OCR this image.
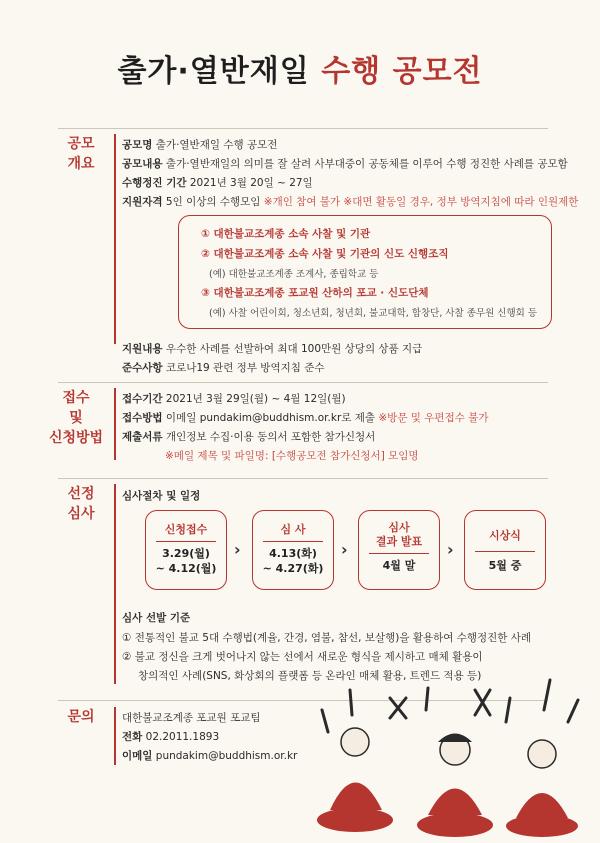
출가·열반재일 수행 공모전
공모
개요
공모명 출가·열반재일 수행 공모전
공모내용 출가·열반재일의 의미를 잘 살려 사부대중이 공동체를 이루어 수행 정진한 사례를 공모함
수행정진 기간 2021년 3월 20일 ~ 27일
지원자격 5인 이상의 수행모임 ※개인 참여 불가 ※대면 활동일 경우, 정부 방역지침에 따라 인원제한
① 대한불교조계종 소속 사찰 및 기관
② 대한불교조계종 소속 사찰 및 기관의 신도 신행조직
(예) 대한불교조계종 조계사, 종립학교 등
③ 대한불교조계종 포교원 산하의 포교 · 신도단체
(예) 사찰 어린이회, 청소년회, 청년회, 불교대학, 합창단, 사찰 종무원 신행회 등
지원내용 우수한 사례를 선발하여 최대 100만원 상당의 상품 지급
준수사항 코로나19 관련 정부 방역지침 준수
접수
및
신청방법
접수기간 2021년 3월 29일(월) ~ 4월 12일(월)
접수방법 이메일 pundakim@buddhism.or.kr로 제출 ※방문 및 우편접수 불가
제출서류 개인정보 수집·이용 동의서 포함한 참가신청서
※메일 제목 및 파일명: [수행공모전 참가신청서] 모임명
선정
심사
심사절차 및 일정
신청접수
3.29(월)
~ 4.12(월)
›
심 사
4.13(화)
~ 4.27(화)
›
심사
결과 발표
4월 말
›
시상식
5월 중
심사 선발 기준
① 전통적인 불교 5대 수행법(계율, 간경, 염불, 참선, 보살행)을 활용하여 수행정진한 사례
② 불교 정신을 크게 벗어나지 않는 선에서 새로운 형식을 제시하고 매체 활용이
창의적인 사례(SNS, 화상회의 플랫폼 등 온라인 매체 활용, 트렌드 적용 등)
문의	대한불교조계종 포교원 포교팀
전화 02.2011.1893
이메일 pundakim@buddhism.or.kr
